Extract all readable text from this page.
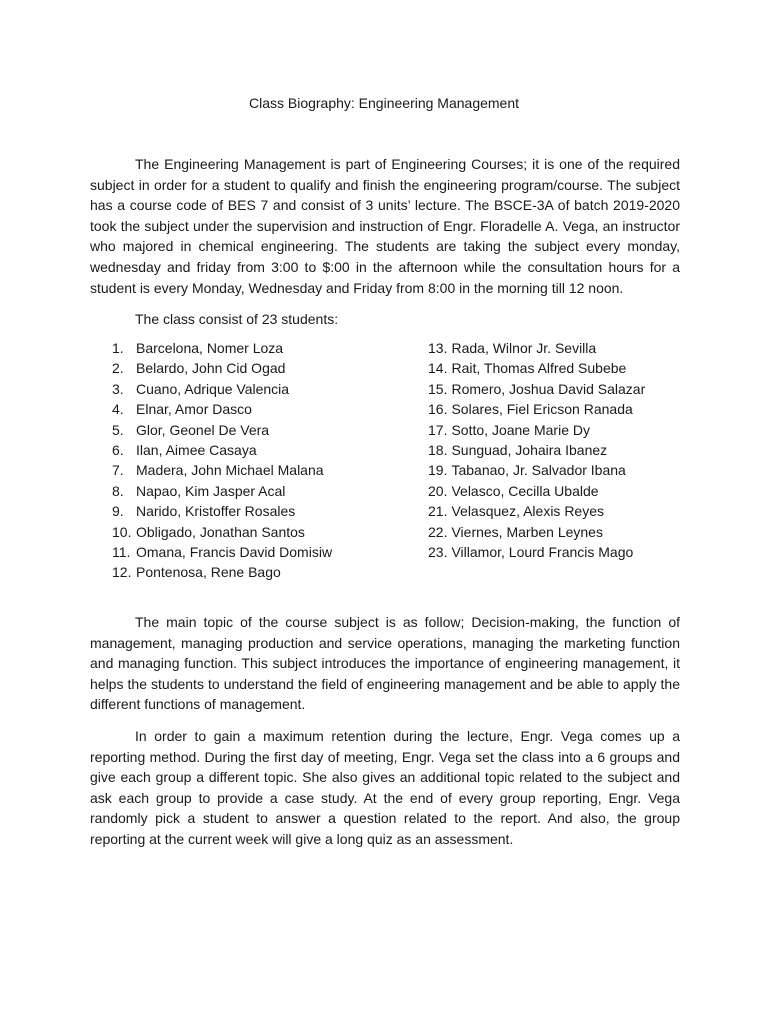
Class Biography: Engineering Management

The Engineering Management is part of Engineering Courses; it is one of the required subject in order for a student to qualify and finish the engineering program/course. The subject has a course code of BES 7 and consist of 3 units’ lecture. The BSCE-3A of batch 2019-2020 took the subject under the supervision and instruction of Engr. Floradelle A. Vega, an instructor who majored in chemical engineering. The students are taking the subject every monday, wednesday and friday from 3:00 to $:00 in the afternoon while the consultation hours for a student is every Monday, Wednesday and Friday from 8:00 in the morning till 12 noon.

The class consist of 23 students:
1. Barcelona, Nomer Loza
2. Belardo, John Cid Ogad
3. Cuano, Adrique Valencia
4. Elnar, Amor Dasco
5. Glor, Geonel De Vera
6. Ilan, Aimee Casaya
7. Madera, John Michael Malana
8. Napao, Kim Jasper Acal
9. Narido, Kristoffer Rosales
10. Obligado, Jonathan Santos
11. Omana, Francis David Domisiw
12. Pontenosa, Rene Bago
13. Rada, Wilnor Jr. Sevilla
14. Rait, Thomas Alfred Subebe
15. Romero, Joshua David Salazar
16. Solares, Fiel Ericson Ranada
17. Sotto, Joane Marie Dy
18. Sunguad, Johaira Ibanez
19. Tabanao, Jr. Salvador Ibana
20. Velasco, Cecilla Ubalde
21. Velasquez, Alexis Reyes
22. Viernes, Marben Leynes
23. Villamor, Lourd Francis Mago

The main topic of the course subject is as follow; Decision-making, the function of management, managing production and service operations, managing the marketing function and managing function. This subject introduces the importance of engineering management, it helps the students to understand the field of engineering management and be able to apply the different functions of management.

In order to gain a maximum retention during the lecture, Engr. Vega comes up a reporting method. During the first day of meeting, Engr. Vega set the class into a 6 groups and give each group a different topic. She also gives an additional topic related to the subject and ask each group to provide a case study. At the end of every group reporting, Engr. Vega randomly pick a student to answer a question related to the report. And also, the group reporting at the current week will give a long quiz as an assessment.
